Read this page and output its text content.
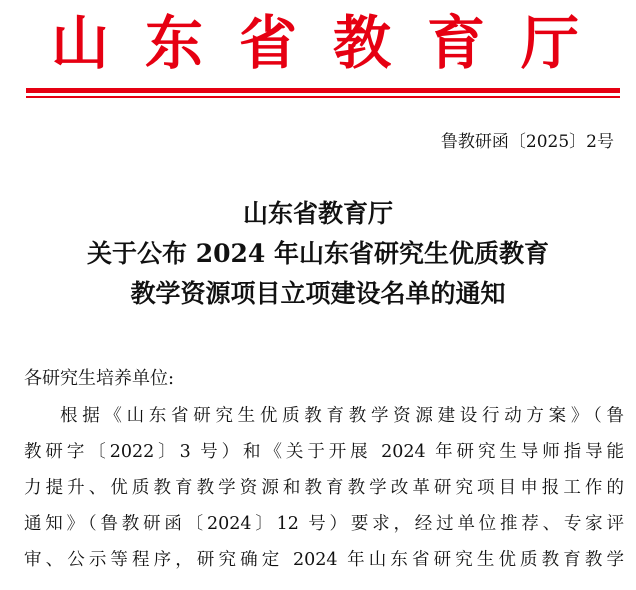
山东省教育厅
鲁教研函〔2025〕2号
山东省教育厅
关于公布 2024 年山东省研究生优质教育
教学资源项目立项建设名单的通知
各研究生培养单位:
根据《山东省研究生优质教育教学资源建设行动方案》（鲁
教研字〔2022〕3 号）和《关于开展 2024 年研究生导师指导能
力提升、优质教育教学资源和教育教学改革研究项目申报工作的
通知》（鲁教研函〔2024〕12 号）要求，经过单位推荐、专家评
审、公示等程序，研究确定 2024 年山东省研究生优质教育教学
